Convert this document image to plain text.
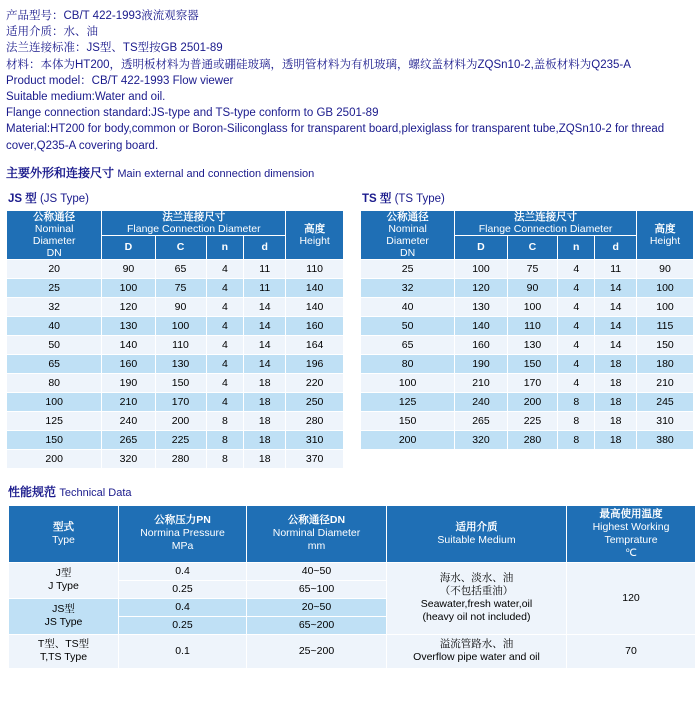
产品型号：CB/T 422-1993液流观察器
适用介质：水、油
法兰连接标准：JS型、TS型按GB 2501-89
材料：本体为HT200，透明板材料为普通或硼硅玻璃，透明管材料为有机玻璃，螺纹盖材料为ZQSn10-2,盖板材料为Q235-A
Product model：CB/T 422-1993 Flow viewer
Suitable medium:Water and oil.
Flange connection standard:JS-type and TS-type conform to GB 2501-89
Material:HT200 for body,common or Boron-Siliconglass for transparent board,plexiglass for transparent tube,ZQSn10-2 for thread cover,Q235-A covering board.
主要外形和连接尺寸 Main external and connection dimension
JS 型 (JS Type)
公称通径
Nominal
Diameter
DN	法兰连接尺寸
Flange Connection Diameter				高度
Height

	D	C	n	d	
20	90	65	4	11	110
25	100	75	4	11	140
32	120	90	4	14	140
40	130	100	4	14	160
50	140	110	4	14	164
65	160	130	4	14	196
80	190	150	4	18	220
100	210	170	4	18	250
125	240	200	8	18	280
150	265	225	8	18	310
200	320	280	8	18	370
TS 型 (TS Type)
公称通径
Nominal
Diameter
DN	法兰连接尺寸
Flange Connection Diameter				高度
Height

	D	C	n	d	
25	100	75	4	11	90
32	120	90	4	14	100
40	130	100	4	14	100
50	140	110	4	14	115
65	160	130	4	14	150
80	190	150	4	18	180
100	210	170	4	18	210
125	240	200	8	18	245
150	265	225	8	18	310
200	320	280	8	18	380
性能规范 Technical Data
型式
Type	公称压力PN
Normina Pressure
MPa	公称通径DN
Norminal Diameter
mm	适用介质
Suitable Medium	最高使用温度
Highest Working
Temprature
℃

J型
J Type	0.4	40~50	海水、淡水、油
（不包括重油）
Seawater,fresh water,oil
(heavy oil not included)	120
	0.25	65~100		
JS型
JS Type	0.4	20~50		
	0.25	65~200		
T型、TS型
T,TS Type	0.1	25~200	溢流管路水、油
Overflow pipe water and oil	70
